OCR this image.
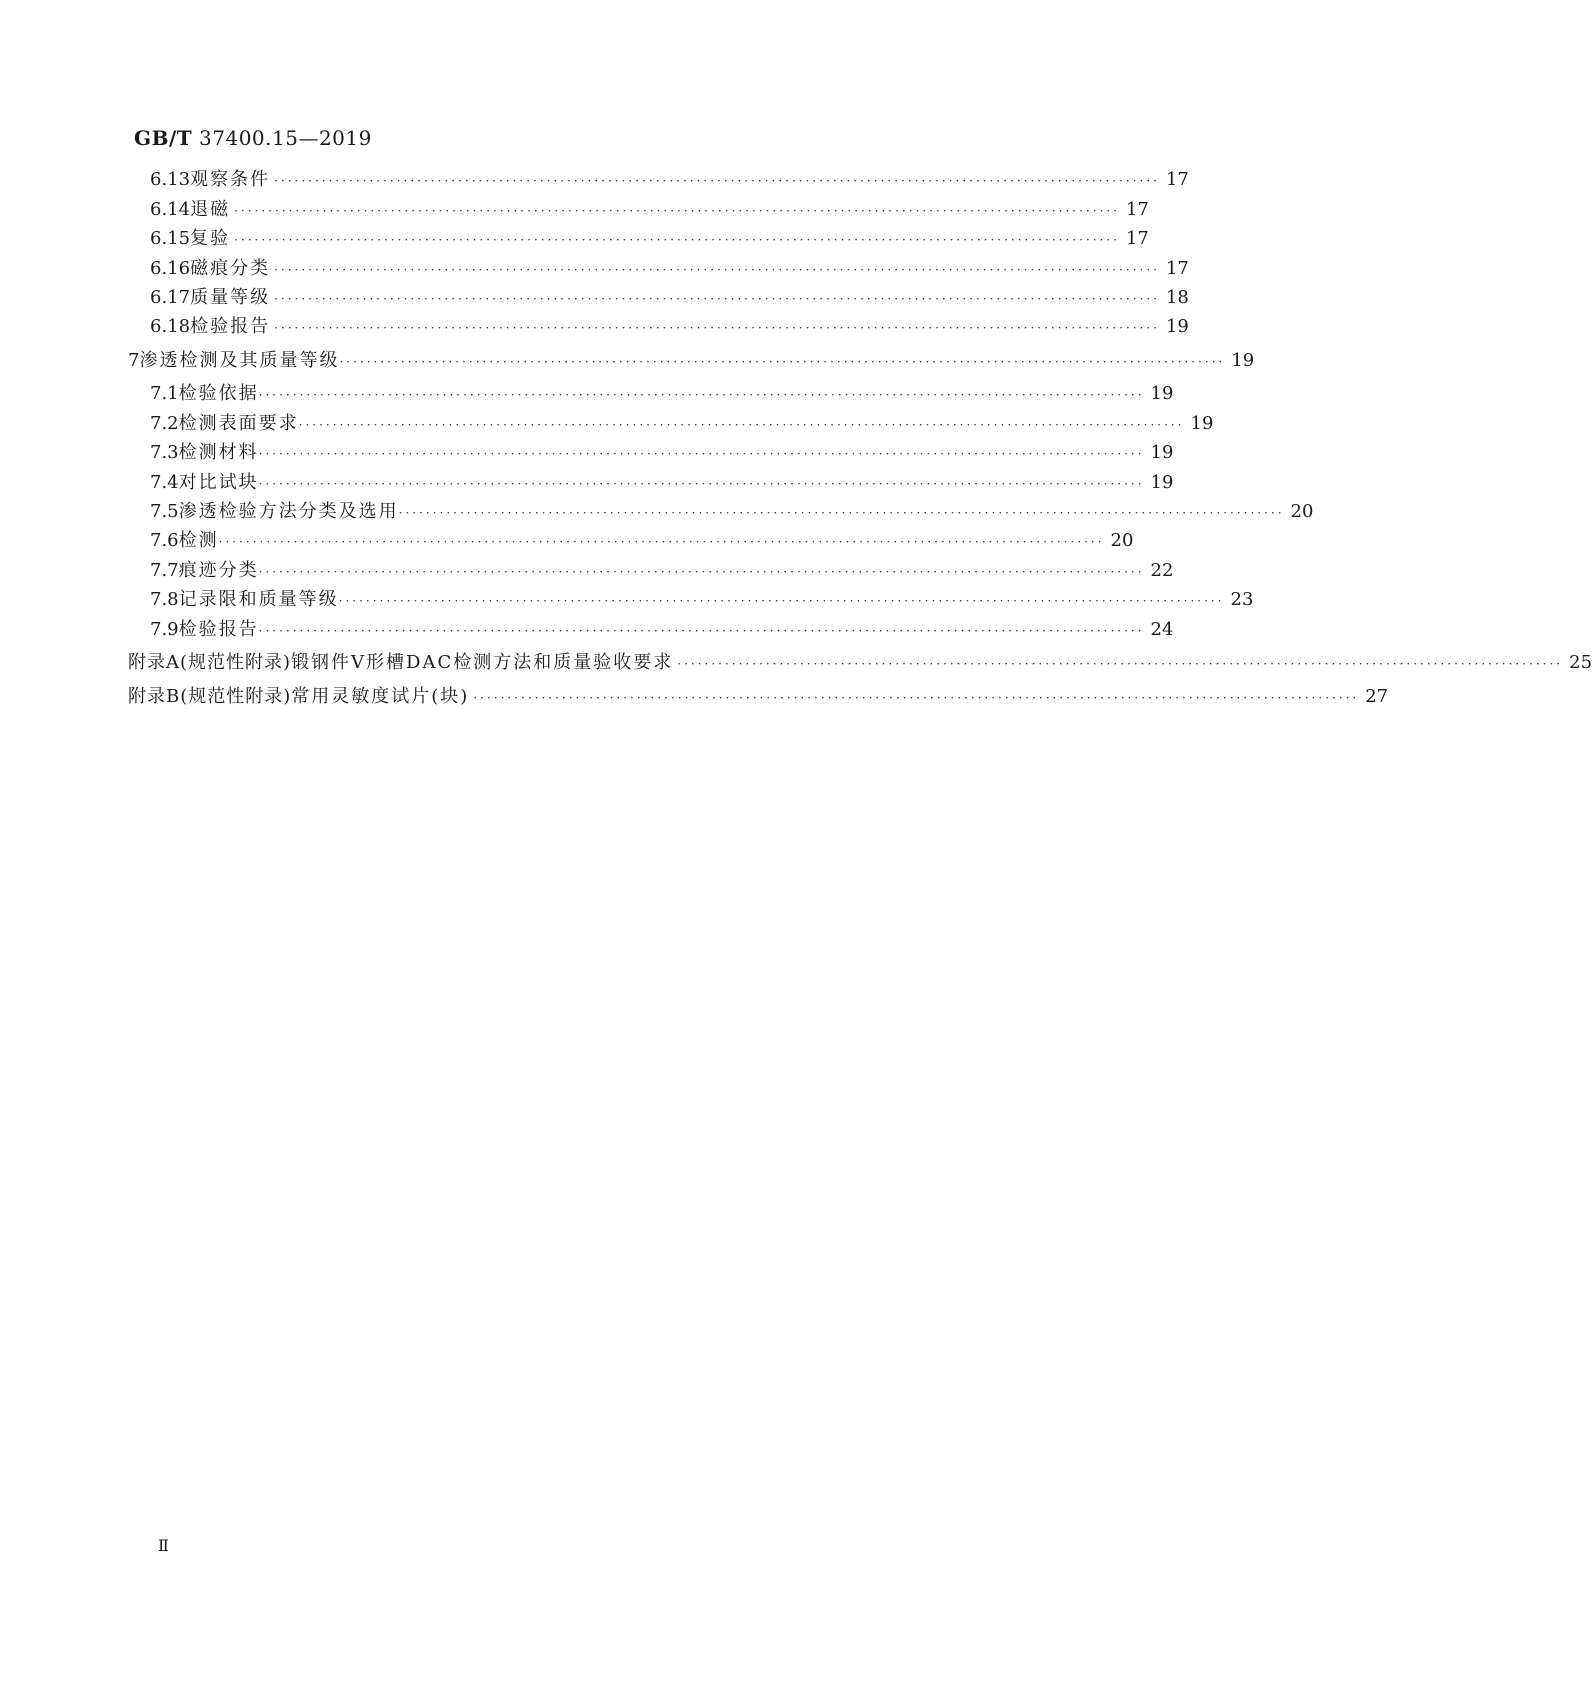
GB/T 37400.15—2019
6.13 观察条件 ·································································································································· 17
6.14 退磁 ·································································································································· 17
6.15 复验 ·································································································································· 17
6.16 磁痕分类 ·································································································································· 17
6.17 质量等级 ·································································································································· 18
6.18 检验报告 ·································································································································· 19
7 渗透检测及其质量等级 ·································································································································· 19
7.1 检验依据 ·································································································································· 19
7.2 检测表面要求 ·································································································································· 19
7.3 检测材料 ·································································································································· 19
7.4 对比试块 ·································································································································· 19
7.5 渗透检验方法分类及选用 ·································································································································· 20
7.6 检测 ·································································································································· 20
7.7 痕迹分类 ·································································································································· 22
7.8 记录限和质量等级 ·································································································································· 23
7.9 检验报告 ·································································································································· 24
附录A(规范性附录) 锻钢件V形槽DAC检测方法和质量验收要求 ·································································································································· 25
附录B(规范性附录) 常用灵敏度试片(块) ·································································································································· 27
Ⅱ
